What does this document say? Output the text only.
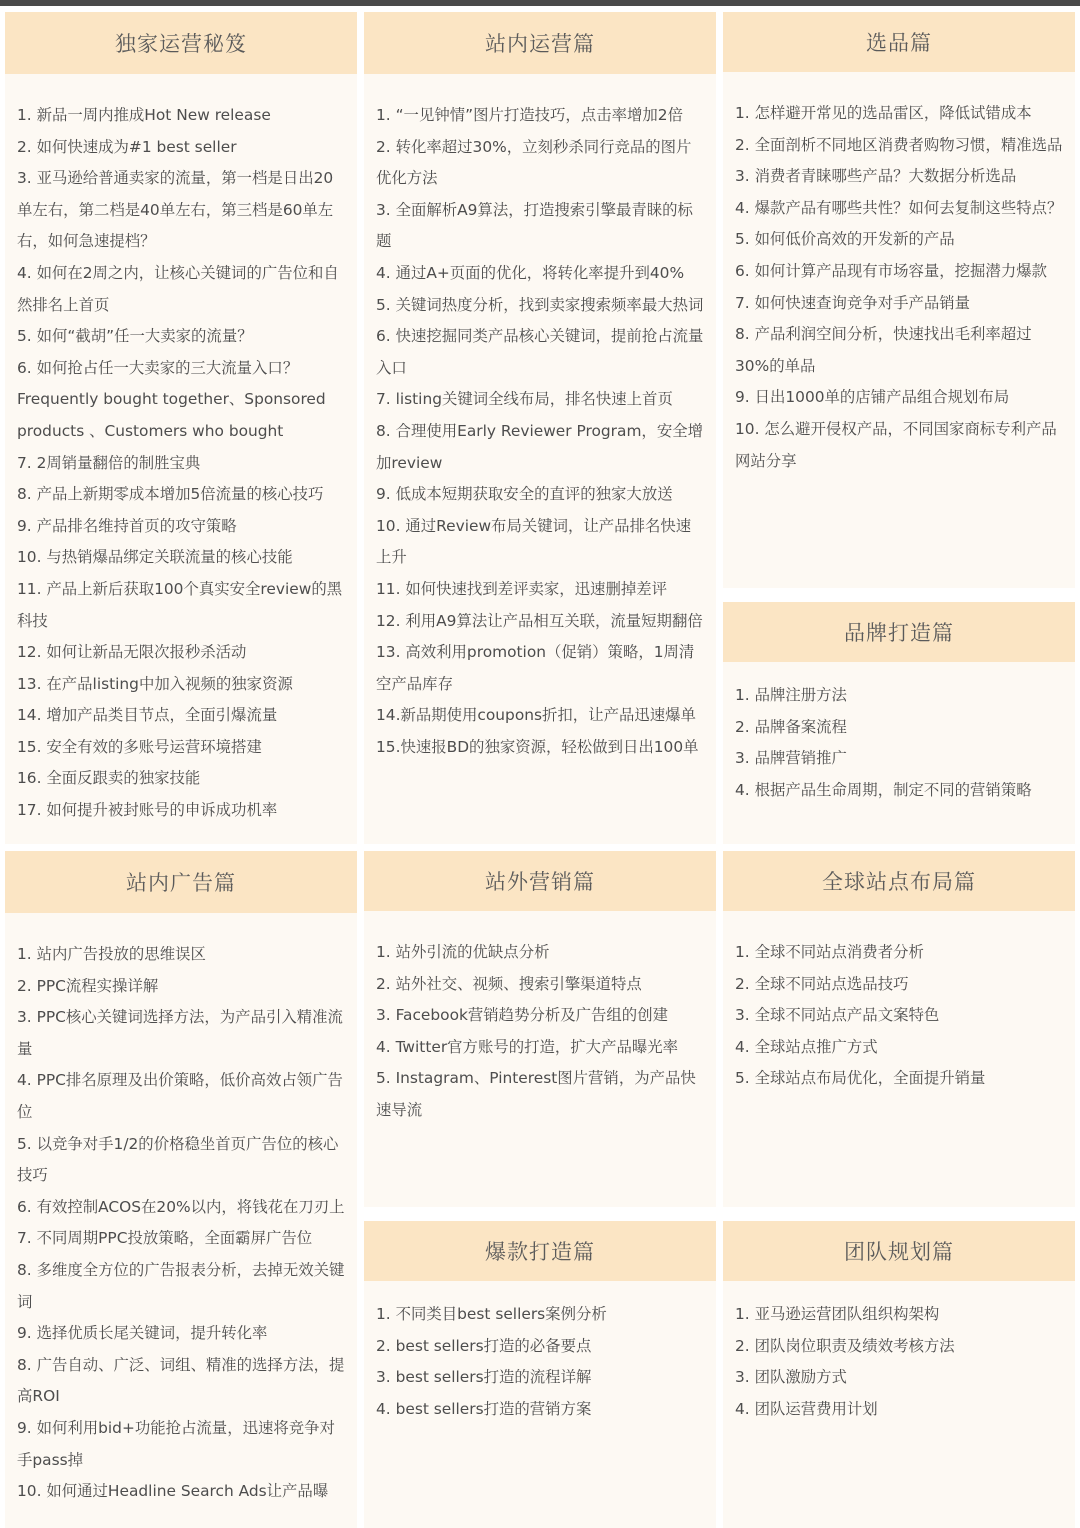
独家运营秘笈
1. 新品一周内推成Hot New release
2. 如何快速成为#1 best seller
3. 亚马逊给普通卖家的流量，第一档是日出20单左右，第二档是40单左右，第三档是60单左右，如何急速提档？
4. 如何在2周之内，让核心关键词的广告位和自然排名上首页
5. 如何“截胡”任一大卖家的流量？
6. 如何抢占任一大卖家的三大流量入口？Frequently bought together、Sponsored products 、Customers who bought
7. 2周销量翻倍的制胜宝典
8. 产品上新期零成本增加5倍流量的核心技巧
9. 产品排名维持首页的攻守策略
10. 与热销爆品绑定关联流量的核心技能
11. 产品上新后获取100个真实安全review的黑科技
12. 如何让新品无限次报秒杀活动
13. 在产品listing中加入视频的独家资源
14. 增加产品类目节点，全面引爆流量
15. 安全有效的多账号运营环境搭建
16. 全面反跟卖的独家技能
17. 如何提升被封账号的申诉成功机率
站内运营篇
1. “一见钟情”图片打造技巧，点击率增加2倍
2. 转化率超过30%，立刻秒杀同行竞品的图片优化方法
3. 全面解析A9算法，打造搜索引擎最青睐的标题
4. 通过A+页面的优化，将转化率提升到40%
5. 关键词热度分析，找到卖家搜索频率最大热词
6. 快速挖掘同类产品核心关键词，提前抢占流量入口
7. listing关键词全线布局，排名快速上首页
8. 合理使用Early Reviewer Program，安全增加review
9. 低成本短期获取安全的直评的独家大放送
10. 通过Review布局关键词，让产品排名快速上升
11. 如何快速找到差评卖家，迅速删掉差评
12. 利用A9算法让产品相互关联，流量短期翻倍
13. 高效利用promotion（促销）策略，1周清空产品库存
14.新品期使用coupons折扣，让产品迅速爆单
15.快速报BD的独家资源，轻松做到日出100单
选品篇
1. 怎样避开常见的选品雷区，降低试错成本
2. 全面剖析不同地区消费者购物习惯，精准选品
3. 消费者青睐哪些产品？大数据分析选品
4. 爆款产品有哪些共性？如何去复制这些特点？
5. 如何低价高效的开发新的产品
6. 如何计算产品现有市场容量，挖掘潜力爆款
7. 如何快速查询竞争对手产品销量
8. 产品利润空间分析，快速找出毛利率超过30%的单品
9. 日出1000单的店铺产品组合规划布局
10. 怎么避开侵权产品，不同国家商标专利产品网站分享
品牌打造篇
1. 品牌注册方法
2. 品牌备案流程
3. 品牌营销推广
4. 根据产品生命周期，制定不同的营销策略
站内广告篇
1. 站内广告投放的思维误区
2. PPC流程实操详解
3. PPC核心关键词选择方法，为产品引入精准流量
4. PPC排名原理及出价策略，低价高效占领广告位
5. 以竞争对手1/2的价格稳坐首页广告位的核心技巧
6. 有效控制ACOS在20%以内，将钱花在刀刃上
7. 不同周期PPC投放策略，全面霸屏广告位
8. 多维度全方位的广告报表分析，去掉无效关键词
9. 选择优质长尾关键词，提升转化率
8. 广告自动、广泛、词组、精准的选择方法，提高ROI
9. 如何利用bid+功能抢占流量，迅速将竞争对手pass掉
10. 如何通过Headline Search Ads让产品曝
站外营销篇
1. 站外引流的优缺点分析
2. 站外社交、视频、搜索引擎渠道特点
3. Facebook营销趋势分析及广告组的创建
4. Twitter官方账号的打造，扩大产品曝光率
5. Instagram、Pinterest图片营销，为产品快速导流
全球站点布局篇
1. 全球不同站点消费者分析
2. 全球不同站点选品技巧
3. 全球不同站点产品文案特色
4. 全球站点推广方式
5. 全球站点布局优化，全面提升销量
爆款打造篇
1. 不同类目best sellers案例分析
2. best sellers打造的必备要点
3. best sellers打造的流程详解
4. best sellers打造的营销方案
团队规划篇
1. 亚马逊运营团队组织构架构
2. 团队岗位职责及绩效考核方法
3. 团队激励方式
4. 团队运营费用计划
